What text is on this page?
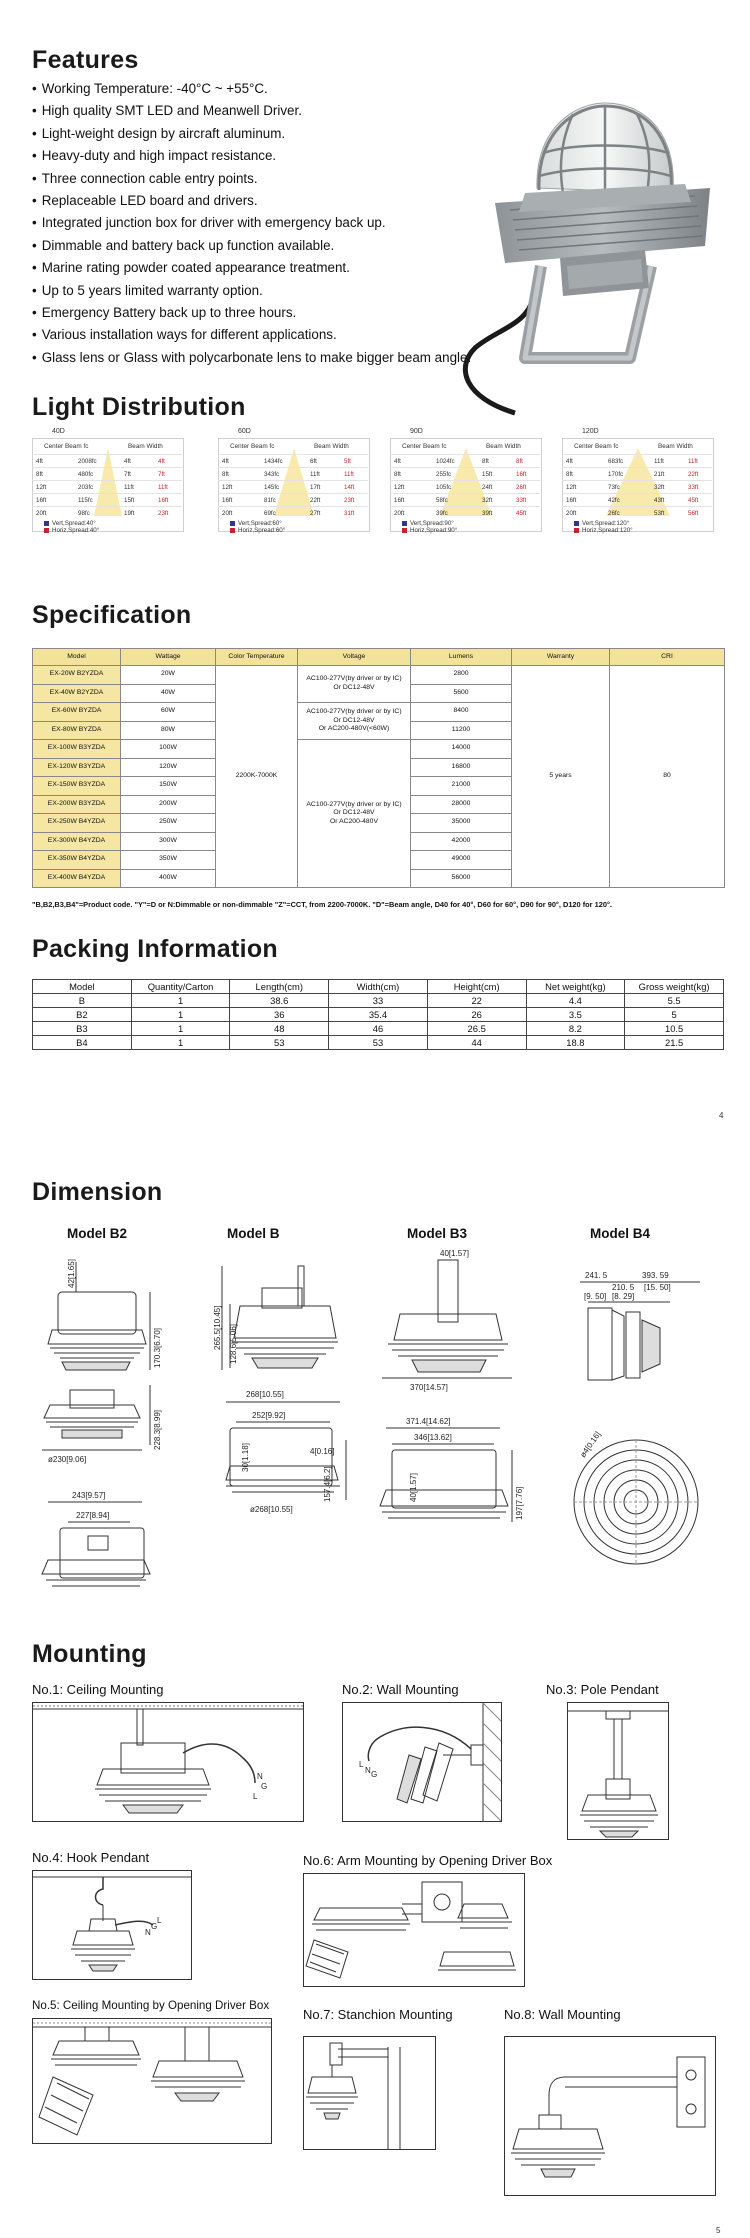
Features
• Working Temperature: -40°C ~ +55°C.
• High quality SMT LED and Meanwell Driver.
• Light-weight design by aircraft aluminum.
• Heavy-duty and high impact resistance.
• Three connection cable entry points.
• Replaceable LED board and drivers.
• Integrated junction box for driver with emergency back up.
• Dimmable and battery back up function available.
• Marine rating powder coated appearance treatment.
• Up to 5 years limited warranty option.
• Emergency Battery back up to three hours.
• Various installation ways for different applications.
• Glass lens or Glass with polycarbonate lens to make bigger beam angle.
Light Distribution
40D
Center Beam fc	Beam Width
4ft	2008fc	4ft	4ft
8ft	480fc	7ft	7ft
12ft	203fc	11ft	11ft
16ft	115fc	15ft	16ft
20ft	98fc	19ft	23ft
Vert,Spread:40°
Horiz,Spread:40°
60D
Center Beam fc	Beam Width
4ft	1434fc	6ft	5ft
8ft	343fc	11ft	11ft
12ft	145fc	17ft	14ft
16ft	81fc	22ft	23ft
20ft	69fc	27ft	31ft
Vert,Spread:60°
Horiz,Spread:60°
90D
Center Beam fc	Beam Width
4ft	1024fc	8ft	8ft
8ft	255fc	15ft	16ft
12ft	105fc	24ft	26ft
16ft	58fc	32ft	33ft
20ft	39fc	39ft	45ft
Vert,Spread:90°
Horiz,Spread:90°
120D
Center Beam fc	Beam Width
4ft	683fc	11ft	11ft
8ft	170fc	21ft	22ft
12ft	73fc	32ft	33ft
16ft	42fc	43ft	45ft
20ft	26fc	53ft	56ft
Vert,Spread:120°
Horiz,Spread:120°
Specification
Model	Wattage	Color Temperature	Voltage	Lumens	Warranty	CRI
EX-20W B2YZDA	20W	2200K-7000K	AC100-277V(by driver or by IC)
Or DC12-48V	2800	5 years	80
EX-40W B2YZDA	40W			5600		
EX-60W BYZDA	60W		AC100-277V(by driver or by IC)
Or DC12-48V
Or AC200-480V(<60W)	8400		
EX-80W BYZDA	80W			11200		
EX-100W B3YZDA	100W		AC100-277V(by driver or by IC)
Or DC12-48V
Or AC200-480V	14000		
EX-120W B3YZDA	120W			16800		
EX-150W B3YZDA	150W			21000		
EX-200W B3YZDA	200W			28000		
EX-250W B4YZDA	250W			35000		
EX-300W B4YZDA	300W			42000		
EX-350W B4YZDA	350W			49000		
EX-400W B4YZDA	400W			56000		
"B,B2,B3,B4"=Product code. "Y"=D or N:Dimmable or non-dimmable "Z"=CCT, from 2200-7000K. "D"=Beam angle, D40 for 40°, D60 for 60°, D90 for 90°, D120 for 120°.
Packing Information
Model	Quantity/Carton	Length(cm)	Width(cm)	Height(cm)	Net weight(kg)	Gross weight(kg)
B	1	38.6	33	22	4.4	5.5
B2	1	36	35.4	26	3.5	5
B3	1	48	46	26.5	8.2	10.5
B4	1	53	53	44	18.8	21.5
4
Dimension
Model B2	Model B	Model B3	Model B4
42[1.65]
170.3[6.70]
228.3[8.99]
ø230[9.06]
243[9.57]
227[8.94]
265.5[10.45] 128.6[5.06]
268[10.55]
252[9.92]
4[0.16]
30[1.18]
157.4[6.2]
ø268[10.55]
40[1.57]
370[14.57]
371.4[14.62]
346[13.62]
40[1.57]	197[7.76]
241. 5	393. 59
210. 5 [15. 50]
[9. 50] [8. 29]
ø4[0.16]
Mounting
No.1: Ceiling Mounting
N
G
L
No.2: Wall Mounting
L
N G
No.3: Pole Pendant
No.4: Hook Pendant
N
G
L
No.6: Arm Mounting by Opening Driver Box
No.5: Ceiling Mounting by Opening Driver Box
No.7: Stanchion Mounting	No.8: Wall Mounting
5
